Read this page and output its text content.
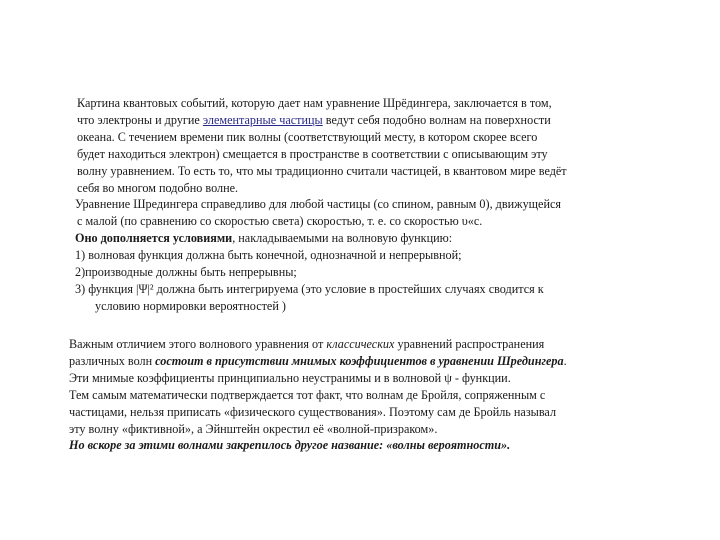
Картина квантовых событий, которую дает нам уравнение Шрёдингера, заключается в том,
что электроны и другие элементарные частицы ведут себя подобно волнам на поверхности
океана. С течением времени пик волны (соответствующий месту, в котором скорее всего
будет находиться электрон) смещается в пространстве в соответствии с описывающим эту
волну уравнением. То есть то, что мы традиционно считали частицей, в квантовом мире ведёт
себя во многом подобно волне.
Уравнение Шредингера справедливо для любой частицы (со спином, равным 0), движущейся
с малой (по сравнению со скоростью света) скоростью, т. е. со скоростью υ«c.
Оно дополняется условиями, накладываемыми на волновую функцию:
1) волновая функция должна быть конечной, однозначной и непрерывной;
2)производные должны быть непрерывны;
3) функция |Ψ|² должна быть интегрируема (это условие в простейших случаях сводится к
условию нормировки вероятностей )
Важным отличием этого волнового уравнения от классических уравнений распространения
различных волн состоит в присутствии мнимых коэффициентов в уравнении Шредингера.
Эти мнимые коэффициенты принципиально неустранимы и в волновой ψ - функции.
Тем самым математически подтверждается тот факт, что волнам де Бройля, сопряженным с
частицами, нельзя приписать «физического существования». Поэтому сам де Бройль называл
эту волну «фиктивной», а Эйнштейн окрестил её «волной-призраком».
Но вскоре за этими волнами закрепилось другое название: «волны вероятности».
